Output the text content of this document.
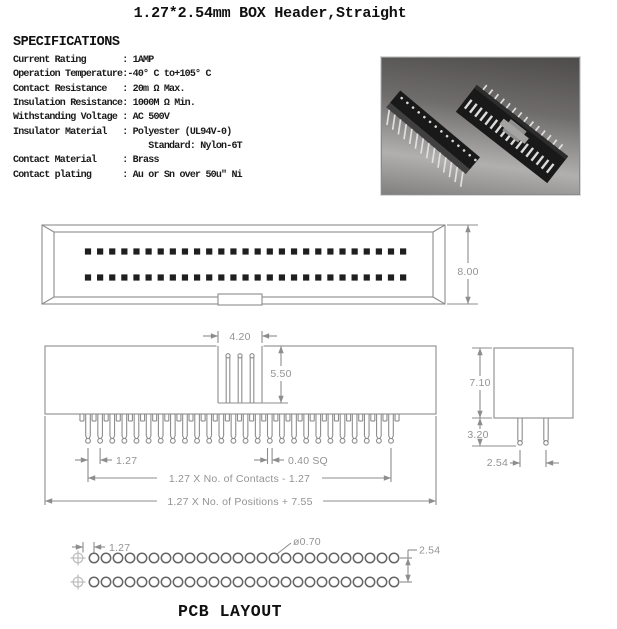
1.27*2.54mm BOX Header,Straight
SPECIFICATIONS
Current Rating       : 1AMP
Operation Temperature:-40° C to+105° C
Contact Resistance   : 20m Ω Max.
Insulation Resistance: 1000M Ω Min.
Withstanding Voltage : AC 500V
Insulator Material   : Polyester (UL94V-0)
Standard: Nylon-6T
Contact Material     : Brass
Contact plating      : Au or Sn over 50u" Ni
8.00
4.20
5.50
1.27	0.40 SQ
1.27 X No. of Contacts - 1.27
1.27 X No. of Positions + 7.55
7.10
3.20
2.54
1.27	ø0.70
2.54
PCB LAYOUT
